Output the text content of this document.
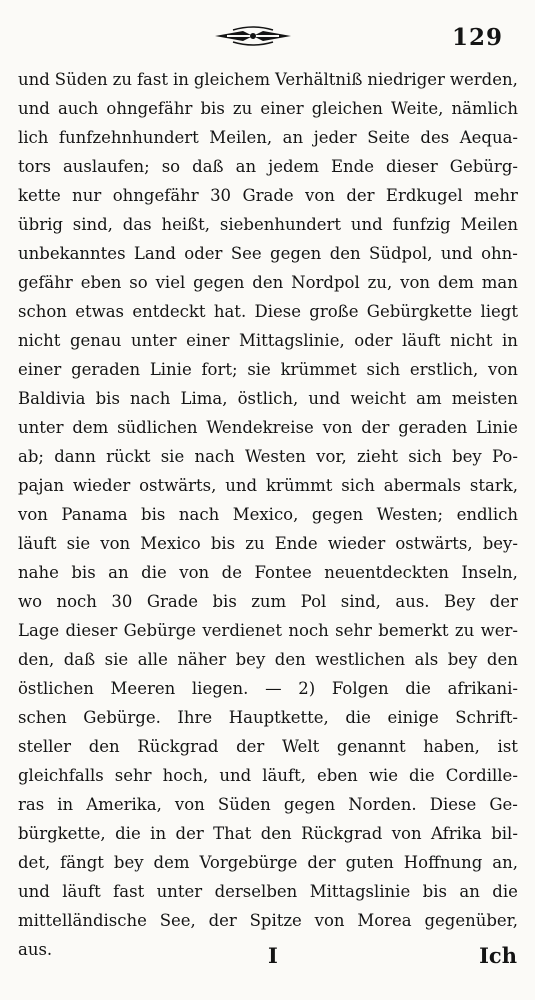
129
und Süden zu fast in gleichem Verhältniß niedriger werden,
und auch ohngefähr bis zu einer gleichen Weite, nämlich
lich funfzehnhundert Meilen, an jeder Seite des Aequa-
tors auslaufen; so daß an jedem Ende dieser Gebürg-
kette nur ohngefähr 30 Grade von der Erdkugel mehr
übrig sind, das heißt, siebenhundert und funfzig Meilen
unbekanntes Land oder See gegen den Südpol, und ohn-
gefähr eben so viel gegen den Nordpol zu, von dem man
schon etwas entdeckt hat. Diese große Gebürgkette liegt
nicht genau unter einer Mittagslinie, oder läuft nicht in
einer geraden Linie fort; sie krümmet sich erstlich, von
Baldivia bis nach Lima, östlich, und weicht am meisten
unter dem südlichen Wendekreise von der geraden Linie
ab; dann rückt sie nach Westen vor, zieht sich bey Po-
pajan wieder ostwärts, und krümmt sich abermals stark,
von Panama bis nach Mexico, gegen Westen; endlich
läuft sie von Mexico bis zu Ende wieder ostwärts, bey-
nahe bis an die von de Fontee neuentdeckten Inseln,
wo noch 30 Grade bis zum Pol sind, aus. Bey der
Lage dieser Gebürge verdienet noch sehr bemerkt zu wer-
den, daß sie alle näher bey den westlichen als bey den
östlichen Meeren liegen. — 2) Folgen die afrikani-
schen Gebürge. Ihre Hauptkette, die einige Schrift-
steller den Rückgrad der Welt genannt haben, ist
gleichfalls sehr hoch, und läuft, eben wie die Cordille-
ras in Amerika, von Süden gegen Norden. Diese Ge-
bürgkette, die in der That den Rückgrad von Afrika bil-
det, fängt bey dem Vorgebürge der guten Hoffnung an,
und läuft fast unter derselben Mittagslinie bis an die
mittelländische See, der Spitze von Morea gegenüber,
aus.	I	Ich
